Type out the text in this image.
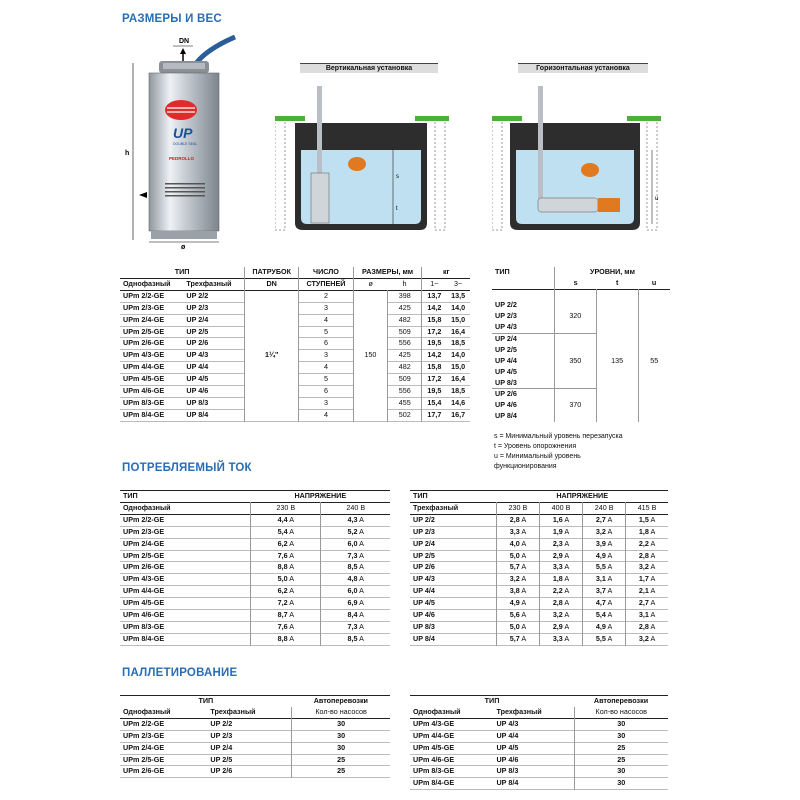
РАЗМЕРЫ И ВЕС
ПОТРЕБЛЯЕМЫЙ ТОК
ПАЛЛЕТИРОВАНИЕ
DN
h
UP
DOUBLE SEAL
PEDROLLO
ø
Вертикальная установка
s
t
Горизонтальная установка
u
ТИП		ПАТРУБОК	ЧИСЛО	РАЗМЕРЫ, мм		кг	
Однофазный	Трехфазный	DN	СТУПЕНЕЙ	ø	h	1~	3~
UPm 2/2-GE	UP 2/2	1¼"	2	150	398	13,7	13,5
UPm 2/3-GE	UP 2/3		3		425	14,2	14,0
UPm 2/4-GE	UP 2/4		4		482	15,8	15,0
UPm 2/5-GE	UP 2/5		5		509	17,2	16,4
UPm 2/6-GE	UP 2/6		6		556	19,5	18,5
UPm 4/3-GE	UP 4/3		3		425	14,2	14,0
UPm 4/4-GE	UP 4/4		4		482	15,8	15,0
UPm 4/5-GE	UP 4/5		5		509	17,2	16,4
UPm 4/6-GE	UP 4/6		6		556	19,5	18,5
UPm 8/3-GE	UP 8/3		3		455	15,4	14,6
UPm 8/4-GE	UP 8/4		4		502	17,7	16,7
ТИП	УРОВНИ, мм		
	s	t	u

UP 2/2	320	135	55
UP 2/3			
UP 4/3			
UP 2/4	350		
UP 2/5			
UP 4/4			
UP 4/5			
UP 8/3			
UP 2/6	370		
UP 4/6			
UP 8/4			
s = Минимальный уровень перезапуска
t = Уровень опорожнения
u = Минимальный уровень
функционирования
ТИП	НАПРЯЖЕНИЕ	
Однофазный	230 В	240 В
UPm 2/2-GE	4,4 A	4,3 A
UPm 2/3-GE	5,4 A	5,2 A
UPm 2/4-GE	6,2 A	6,0 A
UPm 2/5-GE	7,6 A	7,3 A
UPm 2/6-GE	8,8 A	8,5 A
UPm 4/3-GE	5,0 A	4,8 A
UPm 4/4-GE	6,2 A	6,0 A
UPm 4/5-GE	7,2 A	6,9 A
UPm 4/6-GE	8,7 A	8,4 A
UPm 8/3-GE	7,6 A	7,3 A
UPm 8/4-GE	8,8 A	8,5 A
ТИП	НАПРЯЖЕНИЕ			
Трехфазный	230 В	400 В	240 В	415 В
UP 2/2	2,8 A	1,6 A	2,7 A	1,5 A
UP 2/3	3,3 A	1,9 A	3,2 A	1,8 A
UP 2/4	4,0 A	2,3 A	3,9 A	2,2 A
UP 2/5	5,0 A	2,9 A	4,9 A	2,8 A
UP 2/6	5,7 A	3,3 A	5,5 A	3,2 A
UP 4/3	3,2 A	1,8 A	3,1 A	1,7 A
UP 4/4	3,8 A	2,2 A	3,7 A	2,1 A
UP 4/5	4,9 A	2,8 A	4,7 A	2,7 A
UP 4/6	5,6 A	3,2 A	5,4 A	3,1 A
UP 8/3	5,0 A	2,9 A	4,9 A	2,8 A
UP 8/4	5,7 A	3,3 A	5,5 A	3,2 A
ТИП		Автоперевозки
Однофазный	Трехфазный	Кол-во насосов
UPm 2/2-GE	UP 2/2	30
UPm 2/3-GE	UP 2/3	30
UPm 2/4-GE	UP 2/4	30
UPm 2/5-GE	UP 2/5	25
UPm 2/6-GE	UP 2/6	25
ТИП		Автоперевозки
Однофазный	Трехфазный	Кол-во насосов
UPm 4/3-GE	UP 4/3	30
UPm 4/4-GE	UP 4/4	30
UPm 4/5-GE	UP 4/5	25
UPm 4/6-GE	UP 4/6	25
UPm 8/3-GE	UP 8/3	30
UPm 8/4-GE	UP 8/4	30
